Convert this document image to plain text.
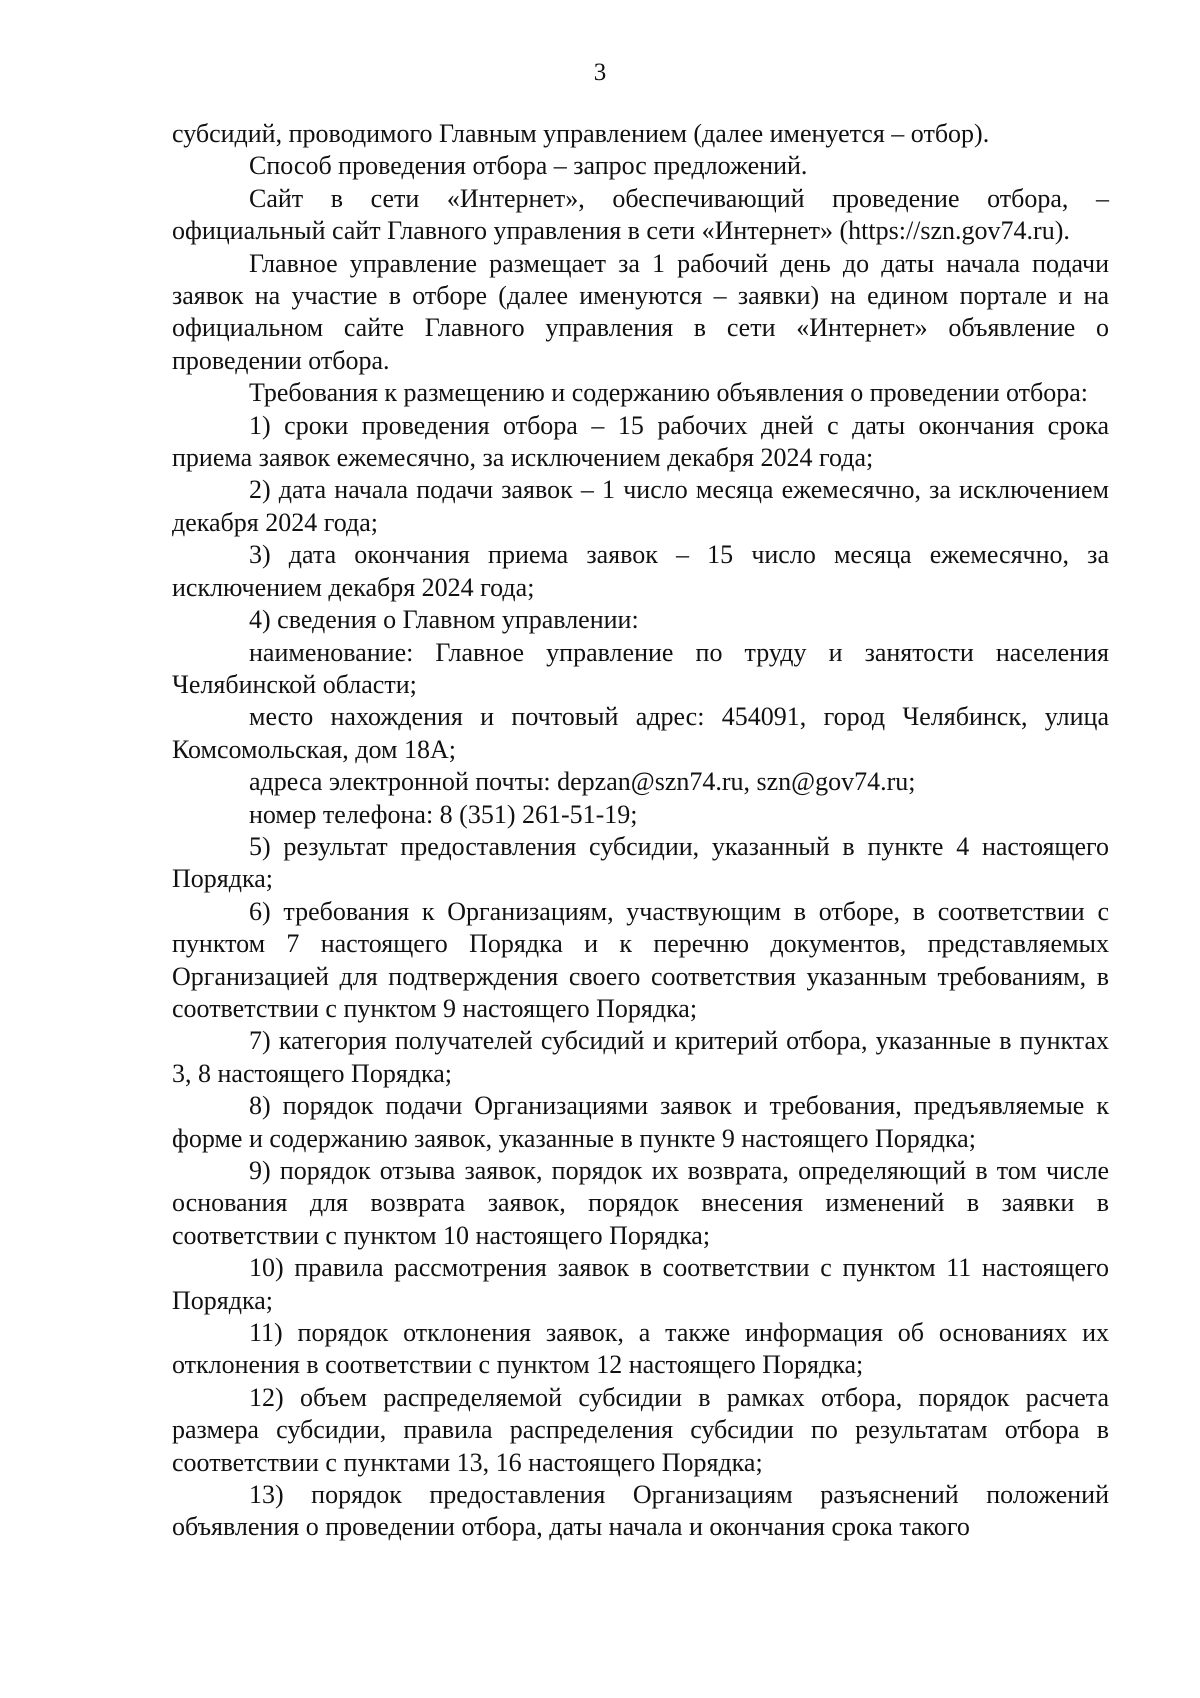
3

субсидий, проводимого Главным управлением (далее именуется – отбор).

Способ проведения отбора – запрос предложений.

Сайт в сети «Интернет», обеспечивающий проведение отбора, – официальный сайт Главного управления в сети «Интернет» (https://szn.gov74.ru).

Главное управление размещает за 1 рабочий день до даты начала подачи заявок на участие в отборе (далее именуются – заявки) на едином портале и на официальном сайте Главного управления в сети «Интернет» объявление о проведении отбора.

Требования к размещению и содержанию объявления о проведении отбора:

1) сроки проведения отбора – 15 рабочих дней с даты окончания срока приема заявок ежемесячно, за исключением декабря 2024 года;

2) дата начала подачи заявок – 1 число месяца ежемесячно, за исключением декабря 2024 года;

3) дата окончания приема заявок – 15 число месяца ежемесячно, за исключением декабря 2024 года;

4) сведения о Главном управлении:

наименование: Главное управление по труду и занятости населения Челябинской области;

место нахождения и почтовый адрес: 454091, город Челябинск, улица Комсомольская, дом 18А;

адреса электронной почты: depzan@szn74.ru, szn@gov74.ru;

номер телефона: 8 (351) 261-51-19;

5) результат предоставления субсидии, указанный в пункте 4 настоящего Порядка;

6) требования к Организациям, участвующим в отборе, в соответствии с пунктом 7 настоящего Порядка и к перечню документов, представляемых Организацией для подтверждения своего соответствия указанным требованиям, в соответствии с пунктом 9 настоящего Порядка;

7) категория получателей субсидий и критерий отбора, указанные в пунктах 3, 8 настоящего Порядка;

8) порядок подачи Организациями заявок и требования, предъявляемые к форме и содержанию заявок, указанные в пункте 9 настоящего Порядка;

9) порядок отзыва заявок, порядок их возврата, определяющий в том числе основания для возврата заявок, порядок внесения изменений в заявки в соответствии с пунктом 10 настоящего Порядка;

10) правила рассмотрения заявок в соответствии с пунктом 11 настоящего Порядка;

11) порядок отклонения заявок, а также информация об основаниях их отклонения в соответствии с пунктом 12 настоящего Порядка;

12) объем распределяемой субсидии в рамках отбора, порядок расчета размера субсидии, правила распределения субсидии по результатам отбора в соответствии с пунктами 13, 16 настоящего Порядка;

13) порядок предоставления Организациям разъяснений положений объявления о проведении отбора, даты начала и окончания срока такого
